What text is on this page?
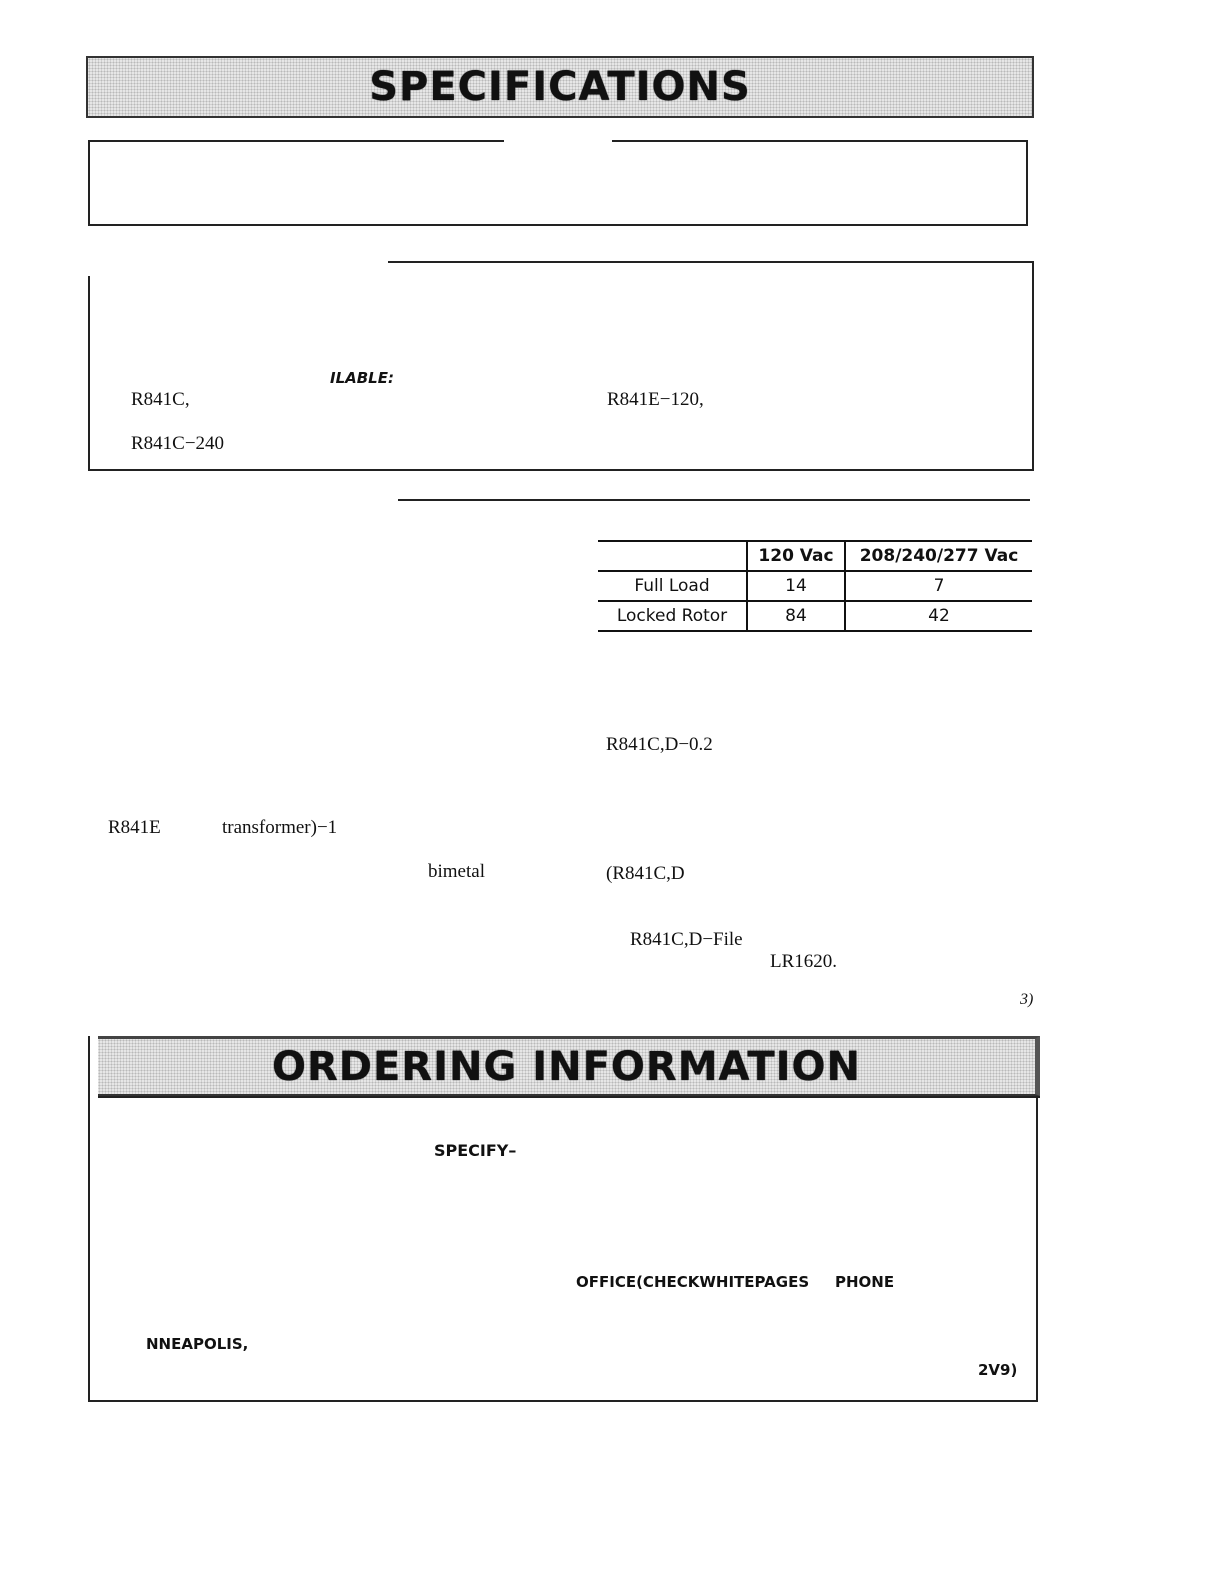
SPECIFICATIONS
ILABLE:
R841C,	R841E−120,
R841C−240
	120 Vac	208/240/277 Vac
Full Load	14	7
Locked Rotor	84	42
R841C,D−0.2
R841E	transformer)−1
bimetal	(R841C,D
R841C,D−File
LR1620.
3)
ORDERING INFORMATION
SPECIFY–
OFFICE(CHECKWHITEPAGES PHONE
NNEAPOLIS,
2V9)
